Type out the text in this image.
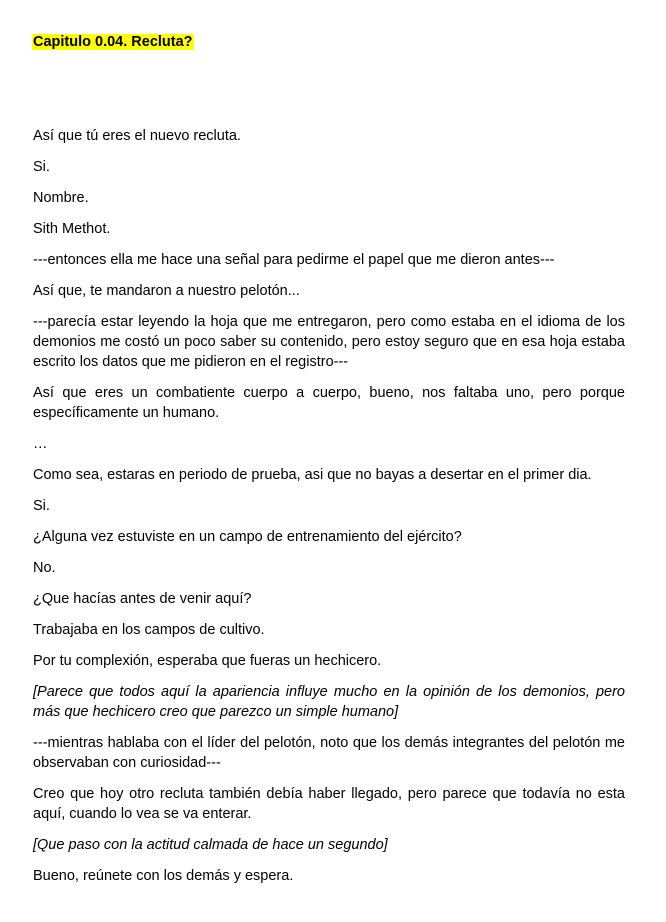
Capitulo 0.04. Recluta?

Así que tú eres el nuevo recluta.

Si.

Nombre.

Sith Methot.

---entonces ella me hace una señal para pedirme el papel que me dieron antes---

Así que, te mandaron a nuestro pelotón...

---parecía estar leyendo la hoja que me entregaron, pero como estaba en el idioma de los demonios me costó un poco saber su contenido, pero estoy seguro que en esa hoja estaba escrito los datos que me pidieron en el registro---

Así que eres un combatiente cuerpo a cuerpo, bueno, nos faltaba uno, pero porque específicamente un humano.

…

Como sea, estaras en periodo de prueba, asi que no bayas a desertar en el primer dia.

Si.

¿Alguna vez estuviste en un campo de entrenamiento del ejército?

No.

¿Que hacías antes de venir aquí?

Trabajaba en los campos de cultivo.

Por tu complexión, esperaba que fueras un hechicero.

[Parece que todos aquí la apariencia influye mucho en la opinión de los demonios, pero más que hechicero creo que parezco un simple humano]

---mientras hablaba con el líder del pelotón, noto que los demás integrantes del pelotón me observaban con curiosidad---

Creo que hoy otro recluta también debía haber llegado, pero parece que todavía no esta aquí, cuando lo vea se va enterar.

[Que paso con la actitud calmada de hace un segundo]

Bueno, reúnete con los demás y espera.
